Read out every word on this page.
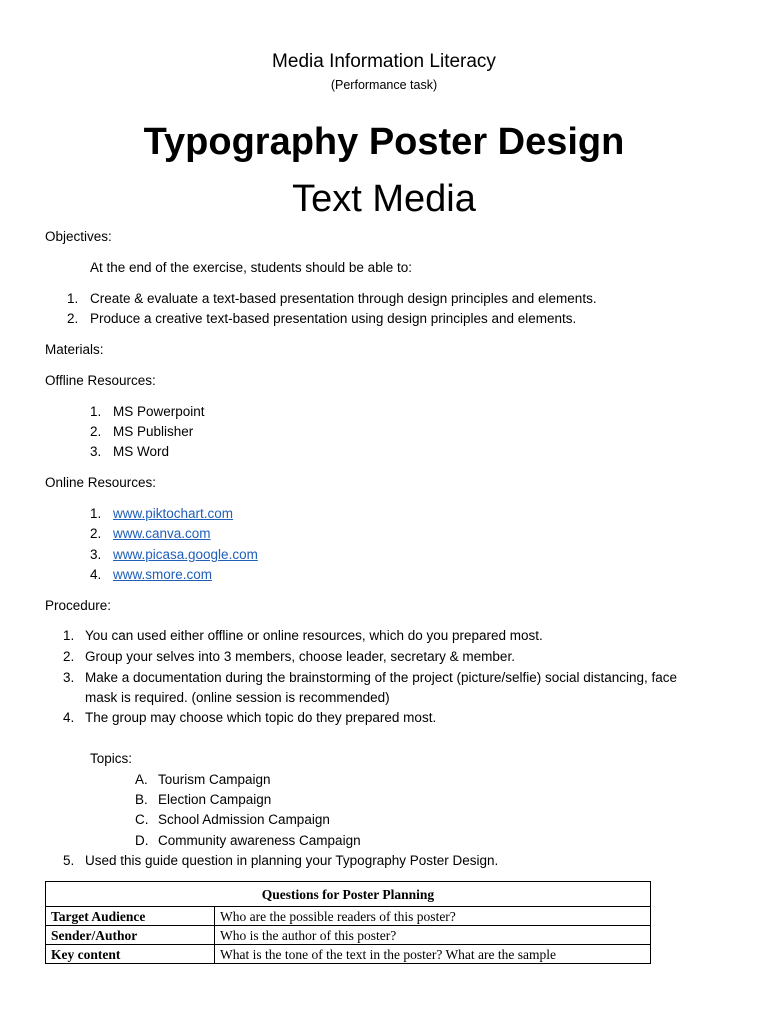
Media Information Literacy
(Performance task)
Typography Poster Design
Text Media
Objectives:
At the end of the exercise, students should be able to:
1. Create & evaluate a text-based presentation through design principles and elements.
2. Produce a creative text-based presentation using design principles and elements.
Materials:
Offline Resources:
1. MS Powerpoint
2. MS Publisher
3. MS Word
Online Resources:
1. www.piktochart.com
2. www.canva.com
3. www.picasa.google.com
4. www.smore.com
Procedure:
1. You can used either offline or online resources, which do you prepared most.
2. Group your selves into 3 members, choose leader, secretary & member.
3. Make a documentation during the brainstorming of the project (picture/selfie) social distancing, face
mask is required. (online session is recommended)
4. The group may choose which topic do they prepared most.
Topics:
A. Tourism Campaign
B. Election Campaign
C. School Admission Campaign
D. Community awareness Campaign
5. Used this guide question in planning your Typography Poster Design.
Questions for Poster Planning	
Target Audience	Who are the possible readers of this poster?
Sender/Author	Who is the author of this poster?
Key content	What is the tone of the text in the poster? What are the sample
